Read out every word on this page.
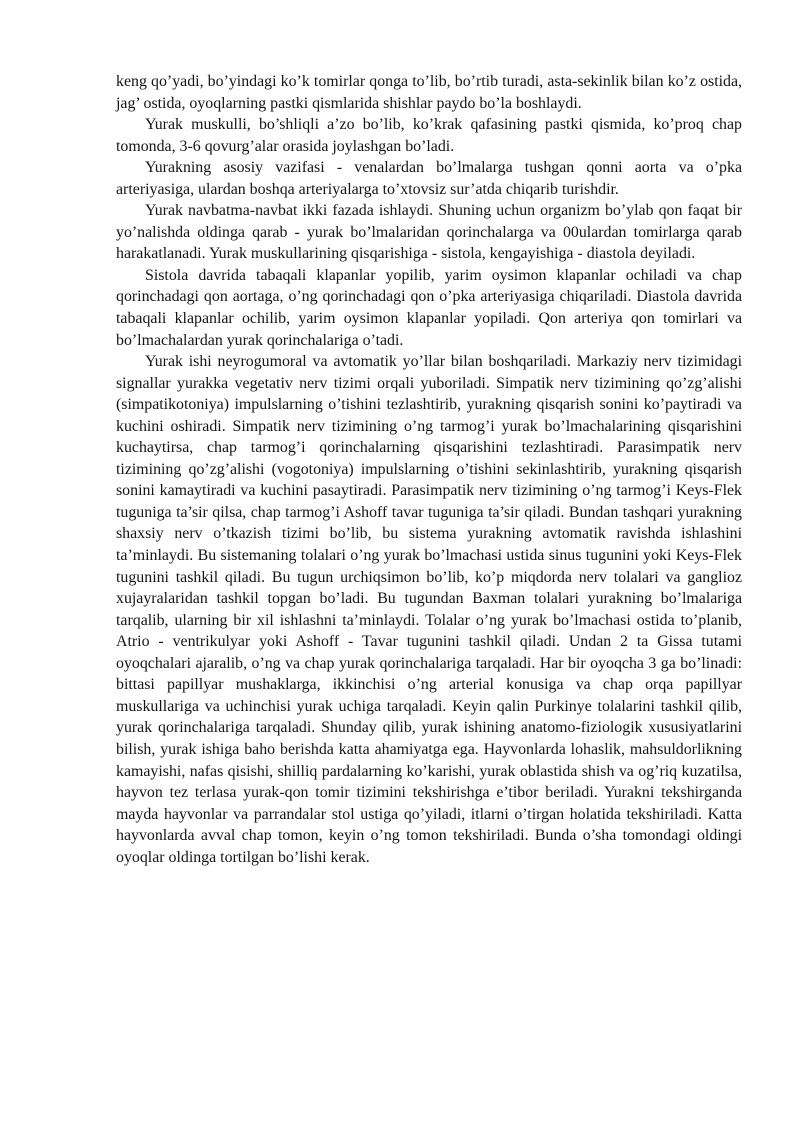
keng qo’yadi, bo’yindagi ko’k tomirlar qonga to’lib, bo’rtib turadi, asta-sekinlik bilan ko’z ostida, jag’ ostida, oyoqlarning pastki qismlarida shishlar paydo bo’la boshlaydi.

Yurak muskulli, bo’shliqli a’zo bo’lib, ko’krak qafasining pastki qismida, ko’proq chap tomonda, 3-6 qovurg’alar orasida joylashgan bo’ladi.

Yurakning asosiy vazifasi - venalardan bo’lmalarga tushgan qonni aorta va o’pka arteriyasiga, ulardan boshqa arteriyalarga to’xtovsiz sur’atda chiqarib turishdir.

Yurak navbatma-navbat ikki fazada ishlaydi. Shuning uchun organizm bo’ylab qon faqat bir yo’nalishda oldinga qarab - yurak bo’lmalaridan qorinchalarga va 00ulardan tomirlarga qarab harakatlanadi. Yurak muskullarining qisqarishiga - sistola, kengayishiga - diastola deyiladi.

Sistola davrida tabaqali klapanlar yopilib, yarim oysimon klapanlar ochiladi va chap qorinchadagi qon aortaga, o’ng qorinchadagi qon o’pka arteriyasiga chiqariladi. Diastola davrida tabaqali klapanlar ochilib, yarim oysimon klapanlar yopiladi. Qon arteriya qon tomirlari va bo’lmachalardan yurak qorinchalariga o’tadi.

Yurak ishi neyrogumoral va avtomatik yo’llar bilan boshqariladi. Markaziy nerv tizimidagi signallar yurakka vegetativ nerv tizimi orqali yuboriladi. Simpatik nerv tizimining qo’zg’alishi (simpatikotoniya) impulslarning o’tishini tezlashtirib, yurakning qisqarish sonini ko’paytiradi va kuchini oshiradi. Simpatik nerv tizimining o’ng tarmog’i yurak bo’lmachalarining qisqarishini kuchaytirsa, chap tarmog’i qorinchalarning qisqarishini tezlashtiradi. Parasimpatik nerv tizimining qo’zg’alishi (vogotoniya) impulslarning o’tishini sekinlashtirib, yurakning qisqarish sonini kamaytiradi va kuchini pasaytiradi. Parasimpatik nerv tizimining o’ng tarmog’i Keys-Flek tuguniga ta’sir qilsa, chap tarmog’i Ashoff tavar tuguniga ta’sir qiladi. Bundan tashqari yurakning shaxsiy nerv o’tkazish tizimi bo’lib, bu sistema yurakning avtomatik ravishda ishlashini ta’minlaydi. Bu sistemaning tolalari o’ng yurak bo’lmachasi ustida sinus tugunini yoki Keys-Flek tugunini tashkil qiladi. Bu tugun urchiqsimon bo’lib, ko’p miqdorda nerv tolalari va ganglioz xujayralaridan tashkil topgan bo’ladi. Bu tugundan Baxman tolalari yurakning bo’lmalariga tarqalib, ularning bir xil ishlashni ta’minlaydi. Tolalar o’ng yurak bo’lmachasi ostida to’planib, Atrio - ventrikulyar yoki Ashoff - Tavar tugunini tashkil qiladi. Undan 2 ta Gissa tutami oyoqchalari ajaralib, o’ng va chap yurak qorinchalariga tarqaladi. Har bir oyoqcha 3 ga bo’linadi: bittasi papillyar mushaklarga, ikkinchisi o’ng arterial konusiga va chap orqa papillyar muskullariga va uchinchisi yurak uchiga tarqaladi. Keyin qalin Purkinye tolalarini tashkil qilib, yurak qorinchalariga tarqaladi. Shunday qilib, yurak ishining anatomo-fiziologik xususiyatlarini bilish, yurak ishiga baho berishda katta ahamiyatga ega. Hayvonlarda lohaslik, mahsuldorlikning kamayishi, nafas qisishi, shilliq pardalarning ko’karishi, yurak oblastida shish va og’riq kuzatilsa, hayvon tez terlasa yurak-qon tomir tizimini tekshirishga e’tibor beriladi. Yurakni tekshirganda mayda hayvonlar va parrandalar stol ustiga qo’yiladi, itlarni o’tirgan holatida tekshiriladi. Katta hayvonlarda avval chap tomon, keyin o’ng tomon tekshiriladi. Bunda o’sha tomondagi oldingi oyoqlar oldinga tortilgan bo’lishi kerak.
